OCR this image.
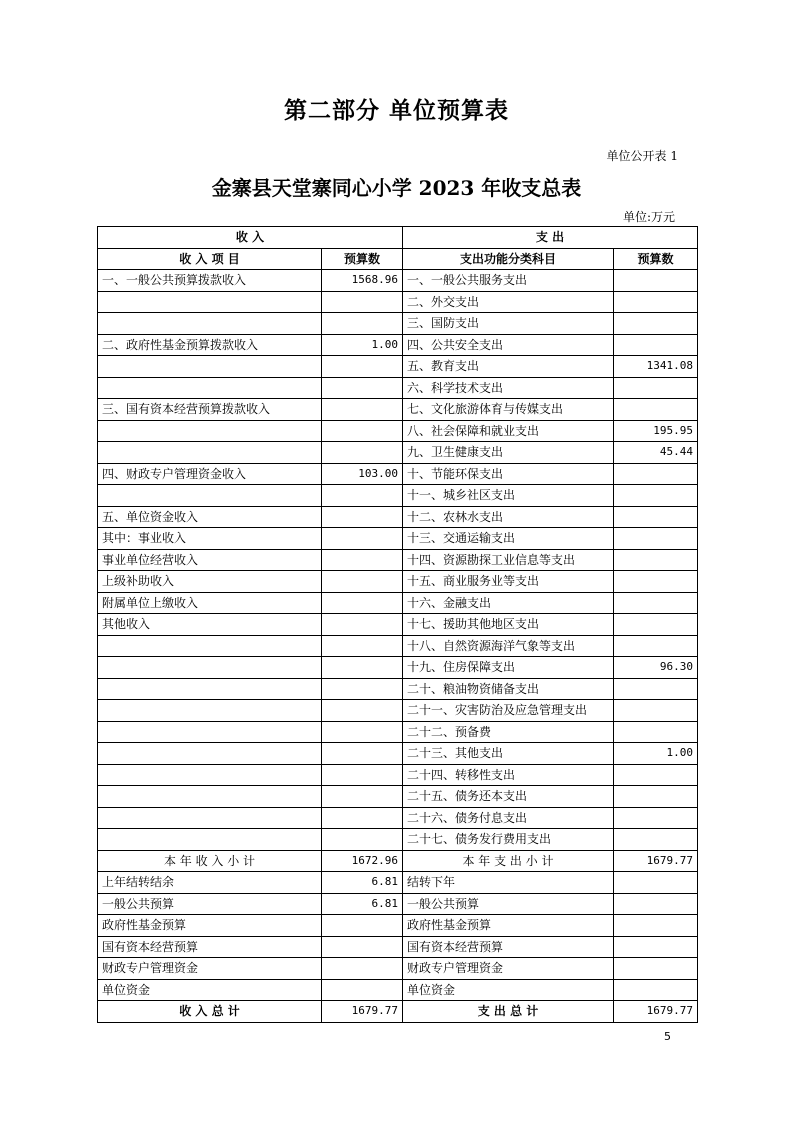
第二部分 单位预算表
单位公开表 1
金寨县天堂寨同心小学 2023 年收支总表
单位:万元
收 入		支 出	
收 入 项 目	预算数	支出功能分类科目	预算数
一、一般公共预算拨款收入	1568.96	一、一般公共服务支出	
		二、外交支出	
		三、国防支出	
二、政府性基金预算拨款收入	1.00	四、公共安全支出	
		五、教育支出	1341.08
		六、科学技术支出	
三、国有资本经营预算拨款收入		七、文化旅游体育与传媒支出	
		八、社会保障和就业支出	195.95
		九、卫生健康支出	45.44
四、财政专户管理资金收入	103.00	十、节能环保支出	
		十一、城乡社区支出	
五、单位资金收入		十二、农林水支出	
其中：事业收入		十三、交通运输支出	
事业单位经营收入		十四、资源勘探工业信息等支出	
上级补助收入		十五、商业服务业等支出	
附属单位上缴收入		十六、金融支出	
其他收入		十七、援助其他地区支出	
		十八、自然资源海洋气象等支出	
		十九、住房保障支出	96.30
		二十、粮油物资储备支出	
		二十一、灾害防治及应急管理支出	
		二十二、预备费	
		二十三、其他支出	1.00
		二十四、转移性支出	
		二十五、债务还本支出	
		二十六、债务付息支出	
		二十七、债务发行费用支出	
本 年 收 入 小 计	1672.96	本 年 支 出 小 计	1679.77
上年结转结余	6.81	结转下年	
一般公共预算	6.81	一般公共预算	
政府性基金预算		政府性基金预算	
国有资本经营预算		国有资本经营预算	
财政专户管理资金		财政专户管理资金	
单位资金		单位资金	
收 入 总 计	1679.77	支 出 总 计	1679.77
5
